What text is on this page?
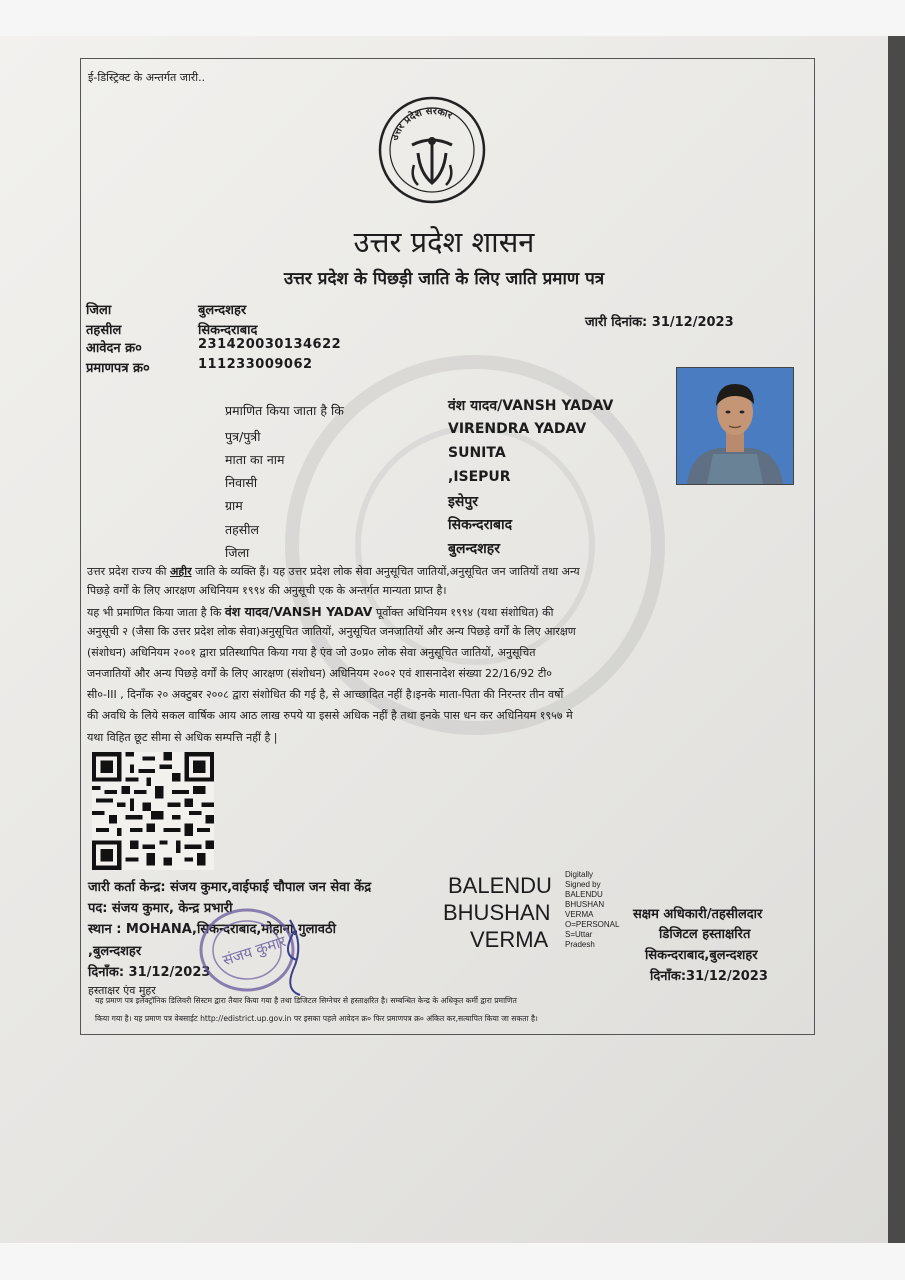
ई-डिस्ट्रिक्ट के अन्तर्गत जारी..
उत्तर प्रदेश सरकार
उत्तर प्रदेश शासन
उत्तर प्रदेश के पिछड़ी जाति के लिए जाति प्रमाण पत्र
जिला	बुलन्दशहर
तहसील	सिकन्दराबाद
आवेदन क्र०	231420030134622
प्रमाणपत्र क्र०	111233009062
जारी दिनांक: 31/12/2023
प्रमाणित किया जाता है कि	वंश यादव/VANSH YADAV
पुत्र/पुत्री	VIRENDRA YADAV
माता का नाम	SUNITA
निवासी	,ISEPUR
ग्राम	इसेपुर
तहसील	सिकन्दराबाद
जिला	बुलन्दशहर
उत्तर प्रदेश राज्य की अहीर जाति के व्यक्ति हैं। यह उत्तर प्रदेश लोक सेवा अनुसूचित जातियों,अनुसूचित जन जातियों तथा अन्य
पिछड़े वर्गों के लिए आरक्षण अधिनियम १९९४ की अनुसूची एक के अन्तर्गत मान्यता प्राप्त है।
यह भी प्रमाणित किया जाता है कि वंश यादव/VANSH YADAV पूर्वोक्त अधिनियम १९९४ (यथा संशोधित) की
अनुसूची २ (जैसा कि उत्तर प्रदेश लोक सेवा)अनुसूचित जातियों, अनुसूचित जनजातियों और अन्य पिछड़े वर्गों के लिए आरक्षण
(संशोधन) अधिनियम २००१ द्वारा प्रतिस्थापित किया गया है एंव जो उ०प्र० लोक सेवा अनुसूचित जातियों, अनुसूचित
जनजातियों और अन्य पिछड़े वर्गों के लिए आरक्षण (संशोधन) अधिनियम २००२ एवं शासनादेश संख्या 22/16/92 टी०
सी०-III , दिनाँक २० अक्टुबर २००८ द्वारा संशोधित की गई है, से आच्छादित नहीं है।इनके माता-पिता की निरन्तर तीन वर्षो
की अवधि के लिये सकल वार्षिक आय आठ लाख रुपये या इससे अधिक नहीं है तथा इनके पास धन कर अधिनियम १९५७ मे
यथा विहित छूट सीमा से अधिक सम्पत्ति नहीं है |
जारी कर्ता केन्द्र: संजय कुमार,वाईफाई चौपाल जन सेवा केंद्र
पद: संजय कुमार, केन्द्र प्रभारी
स्थान : MOHANA,सिकन्दराबाद,मोहाना,गुलावठी
,बुलन्दशहर
दिनाँक: 31/12/2023
हस्ताक्षर एंव मुहर
संजय कुमार
BALENDU
BHUSHAN
VERMA
Digitally
Signed by
BALENDU
BHUSHAN
VERMA
O=PERSONAL
S=Uttar
Pradesh
सक्षम अधिकारी/तहसीलदार
डिजिटल हस्ताक्षरित
सिकन्दराबाद,बुलन्दशहर
दिनाँक:31/12/2023
यह प्रमाण पत्र इलेक्ट्रॉनिक डिलिवरी सिस्टम द्वारा तैयार किया गया है तथा डिजिटल सिग्नेचर से हस्ताक्षरित है। सम्बन्धित केन्द्र के अधिकृत कर्मी द्वारा प्रमाणित
किया गया है। यह प्रमाण पत्र वेबसाईट http://edistrict.up.gov.in पर इसका पहले आवेदन क्र० फिर प्रमाणपत्र क्र० अंकित कर,सत्यापित किया जा सकता है।
